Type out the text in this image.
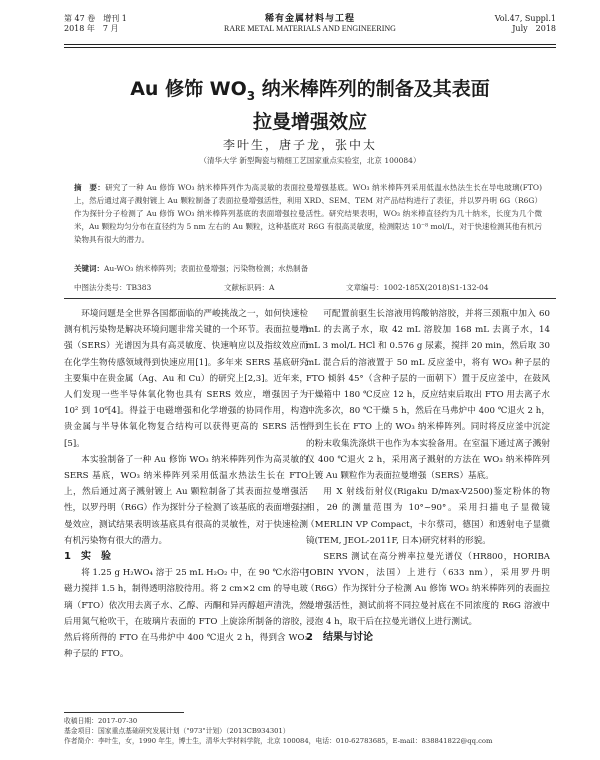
第 47 卷　增刊 1
2018 年　7 月
稀有金属材料与工程
RARE METAL MATERIALS AND ENGINEERING
Vol.47, Suppl.1
July　2018
Au 修饰 $WO_3$ 纳米棒阵列的制备及其表面
拉曼增强效应
李叶生，唐子龙，张中太
（清华大学 新型陶瓷与精细工艺国家重点实验室，北京 100084）
摘　要：研究了一种 Au 修饰 WO₃ 纳米棒阵列作为高灵敏的表面拉曼增强基底。WO₃ 纳米棒阵列采用低温水热法生长在导电玻璃(FTO)上，然后通过离子溅射镀上 Au 颗粒制备了表面拉曼增强活性，利用 XRD、SEM、TEM 对产品结构进行了表征，并以罗丹明 6G（R6G）作为探针分子检测了 Au 修饰 WO₃ 纳米棒阵列基底的表面增强拉曼活性。研究结果表明，WO₃ 纳米棒直径约为几十纳米，长度为几个微米，Au 颗粒均匀分布在直径约为 5 nm 左右的 Au 颗粒，这种基底对 R6G 有很高灵敏度，检测限达 10⁻⁸ mol/L，对于快速检测其他有机污染物具有很大的潜力。
关键词：Au-WO₃ 纳米棒阵列；表面拉曼增强；污染物检测；水热制备
中图法分类号：TB383	文献标识码：A	文章编号：1002-185X(2018)S1-132-04

环境问题是全世界各国都面临的严峻挑战之一，如何快速检测有机污染物是解决环境问题非常关键的一个环节。表面拉曼增强（SERS）光谱因为具有高灵敏度、快速响应以及指纹效应而在化学生物传感领域得到快速应用[1]。多年来 SERS 基底研究主要集中在贵金属（Ag、Au 和 Cu）的研究上[2,3]。近年来，人们发现一些半导体氧化物也具有 SERS 效应，增强因子为 10² 到 10⁶[4]。得益于电磁增强和化学增强的协同作用，构造贵金属与半导体氧化物复合结构可以获得更高的 SERS 活性[5]。

本实验制备了一种 Au 修饰 WO₃ 纳米棒阵列作为高灵敏的 SERS 基底，WO₃ 纳米棒阵列采用低温水热法生长在 FTO 上，然后通过离子溅射镀上 Au 颗粒制备了其表面拉曼增强活性，以罗丹明（R6G）作为探针分子检测了该基底的表面增强拉曼效应，测试结果表明该基底具有很高的灵敏性，对于快速检测有机污染物有很大的潜力。

1　实　验

将 1.25 g H₂WO₄ 溶于 25 mL H₂O₂ 中，在 90 ℃水浴中磁力搅拌 1.5 h，制得透明溶胶待用。将 2 cm×2 cm 的导电玻璃（FTO）依次用去离子水、乙醇、丙酮和异丙醇超声清洗，然后用氮气枪吹干，在玻璃片表面的 FTO 上旋涂所制备的溶胶，然后将所得的 FTO 在马弗炉中 400 ℃退火 2 h，得到含 WO₃ 种子层的 FTO。

可配置前驱生长溶液用钨酸钠溶胶，并将三颈瓶中加入 60 mL 的去离子水，取 42 mL 溶胶加 168 mL 去离子水，14 mL 3 mol/L HCl 和 0.576 g 尿素，搅拌 20 min，然后取 30 mL 混合后的溶液置于 50 mL 反应釜中，将有 WO₃ 种子层的 FTO 倾斜 45°（含种子层的一面朝下）置于反应釜中，在鼓风干燥箱中 180 ℃反应 12 h，反应结束后取出 FTO 用去离子水冲洗多次，80 ℃干燥 5 h，然后在马弗炉中 400 ℃退火 2 h，得到生长在 FTO 上的 WO₃ 纳米棒阵列。同时将反应釜中沉淀的粉末收集洗涤烘干也作为本实验备用。在室温下通过离子溅射仪 400 ℃退火 2 h，采用离子溅射的方法在 WO₃ 纳米棒阵列上镀 Au 颗粒作为表面拉曼增强（SERS）基底。

用 X 射线衍射仪(Rigaku D/max-V2500)鉴定粉体的物相，2θ 的测量范围为 10°~90°。采用扫描电子显微镜（MERLIN VP Compact，卡尔蔡司，德国）和透射电子显微镜(TEM, JEOL-2011F, 日本)研究材料的形貌。

SERS 测试在高分辨率拉曼光谱仪（HR800，HORIBA JOBIN YVON，法国）上进行（633 nm），采用罗丹明（R6G）作为探针分子检测 Au 修饰 WO₃ 纳米棒阵列的表面拉曼增强活性，测试前将不同拉曼衬底在不同浓度的 R6G 溶液中浸泡 4 h，取干后在拉曼光谱仪上进行测试。

2　结果与讨论

收稿日期：2017-07-30
基金项目：国家重点基础研究发展计划（"973"计划）（2013CB934301）
作者简介：李叶生，女，1990 年生，博士生，清华大学材料学院，北京 100084，电话：010-62783685，E-mail：838841822@qq.com
